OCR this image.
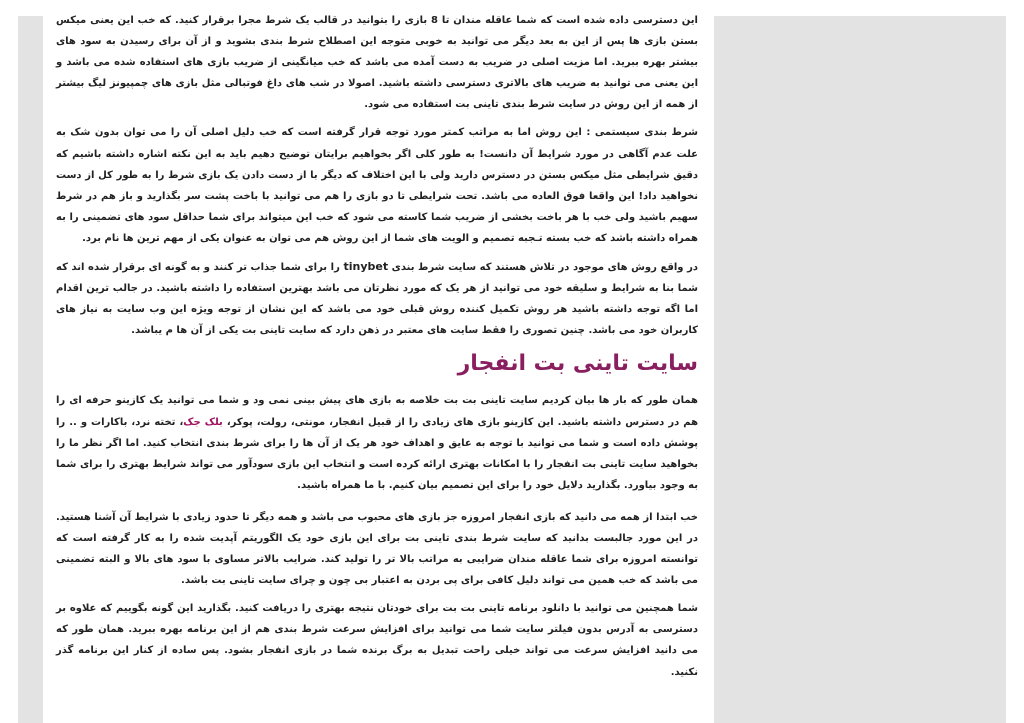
این دسترسی داده شده است که شما عاقله مندان تا 8 بازی را بتوانید در قالب یک شرط مجرا برقرار کنید. که خب این یعنی میکس بستن بازی ها پس از این به بعد دیگر می توانید به خوبی متوجه این اصطلاح شرط بندی بشوید و از آن برای رسیدن به سود های بیشتر بهره ببرید. اما مزیت اصلی در ضریب به دست آمده می باشد که خب میانگینی از ضریب بازی های استفاده شده می باشد و این یعنی می توانید به ضریب های بالاتری دسترسی داشته باشید. اصولا در شب های داغ فوتبالی مثل بازی های چمپیونز لیگ بیشتر از همه از این روش در سایت شرط بندی تاینی بت استفاده می شود.

شرط بندی سیستمی : این روش اما به مراتب کمتر مورد توجه قرار گرفته است که خب دلیل اصلی آن را می توان بدون شک به علت عدم آگاهی در مورد شرایط آن دانست! به طور کلی اگر بخواهیم برایتان توضیح دهیم باید به این نکته اشاره داشته باشیم که دقیق شرایطی مثل میکس بستن در دسترس دارید ولی با این اختلاف که دیگر با از دست دادن یک بازی شرط را به طور کل از دست نخواهید داد! این واقعا فوق العاده می باشد. تحت شرایطی تا دو بازی را هم می توانید با باخت پشت سر بگذارید و باز هم در شرط سهیم باشید ولی خب با هر باخت بخشی از ضریب شما کاسته می شود که خب این میتواند برای شما حداقل سود های تضمینی را به همراه داشته باشد که خب بسته تـجبه تصمیم و الویت های شما از این روش هم می توان به عنوان یکی از مهم ترین ها نام برد.

در واقع روش های موجود در تلاش هستند که سایت شرط بندی tinybet را برای شما جذاب تر کنند و به گونه ای برقرار شده اند که شما بنا به شرایط و سلیقه خود می توانید از هر یک که مورد نظرتان می باشد بهترین استفاده را داشته باشید. در جالب ترین اقدام اما اگه توجه داشته باشید هر روش تکمیل کننده روش قبلی خود می باشد که این نشان از توجه ویژه این وب سایت به نیاز های کاربران خود می باشد. چنین تصوری را فقط سایت های معتبر در ذهن دارد که سایت تاینی بت یکی از آن ها م یباشد.

سایت تاینی بت انفجار

همان طور که بار ها بیان کردیم سایت تاینی بت بت خلاصه به بازی های پیش بینی نمی ود و شما می توانید یک کازینو حرفه ای را هم در دسترس داشته باشید. این کازینو بازی های زیادی را از قبیل انفجار، مونتی، رولت، پوکر، بلک جک، تخته نرد، باکارات و .. را پوشش داده است و شما می توانید با توجه به عایق و اهداف خود هر یک از آن ها را برای شرط بندی انتخاب کنید. اما اگر نظر ما را بخواهید سایت تاینی بت انفجار را با امکانات بهتری ارائه کرده است و انتخاب این بازی سودآور می تواند شرایط بهتری را برای شما به وجود بیاورد. بگذارید دلایل خود را برای این تصمیم بیان کنیم. با ما همراه باشید.

خب ابتدا از همه می دانید که بازی انفجار امروزه جز بازی های محبوب می باشد و همه دیگر تا حدود زیادی با شرایط آن آشنا هستید. در این مورد جالبست بدانید که سایت شرط بندی تاینی بت برای این بازی خود یک الگوریتم آپدیت شده را به کار گرفته است که توانسته امروزه برای شما عاقله مندان ضرایبی به مراتب بالا تر را تولید کند. ضرایب بالاتر مساوی با سود های بالا و البته تضمینی می باشد که خب همین می تواند دلیل کافی برای پی بردن به اعتبار بی چون و چرای سایت تاینی بت باشد.

شما همچنین می توانید با دانلود برنامه تاینی بت بت برای خودتان نتیجه بهتری را دریافت کنید. بگذارید این گونه بگوییم که علاوه بر دسترسی به آدرس بدون فیلتر سایت شما می توانید برای افزایش سرعت شرط بندی هم از این برنامه بهره ببرید. همان طور که می دانید افزایش سرعت می تواند خیلی راحت تبدیل به برگ برنده شما در بازی انفجار بشود. پس ساده از کنار این برنامه گذر نکنید.
